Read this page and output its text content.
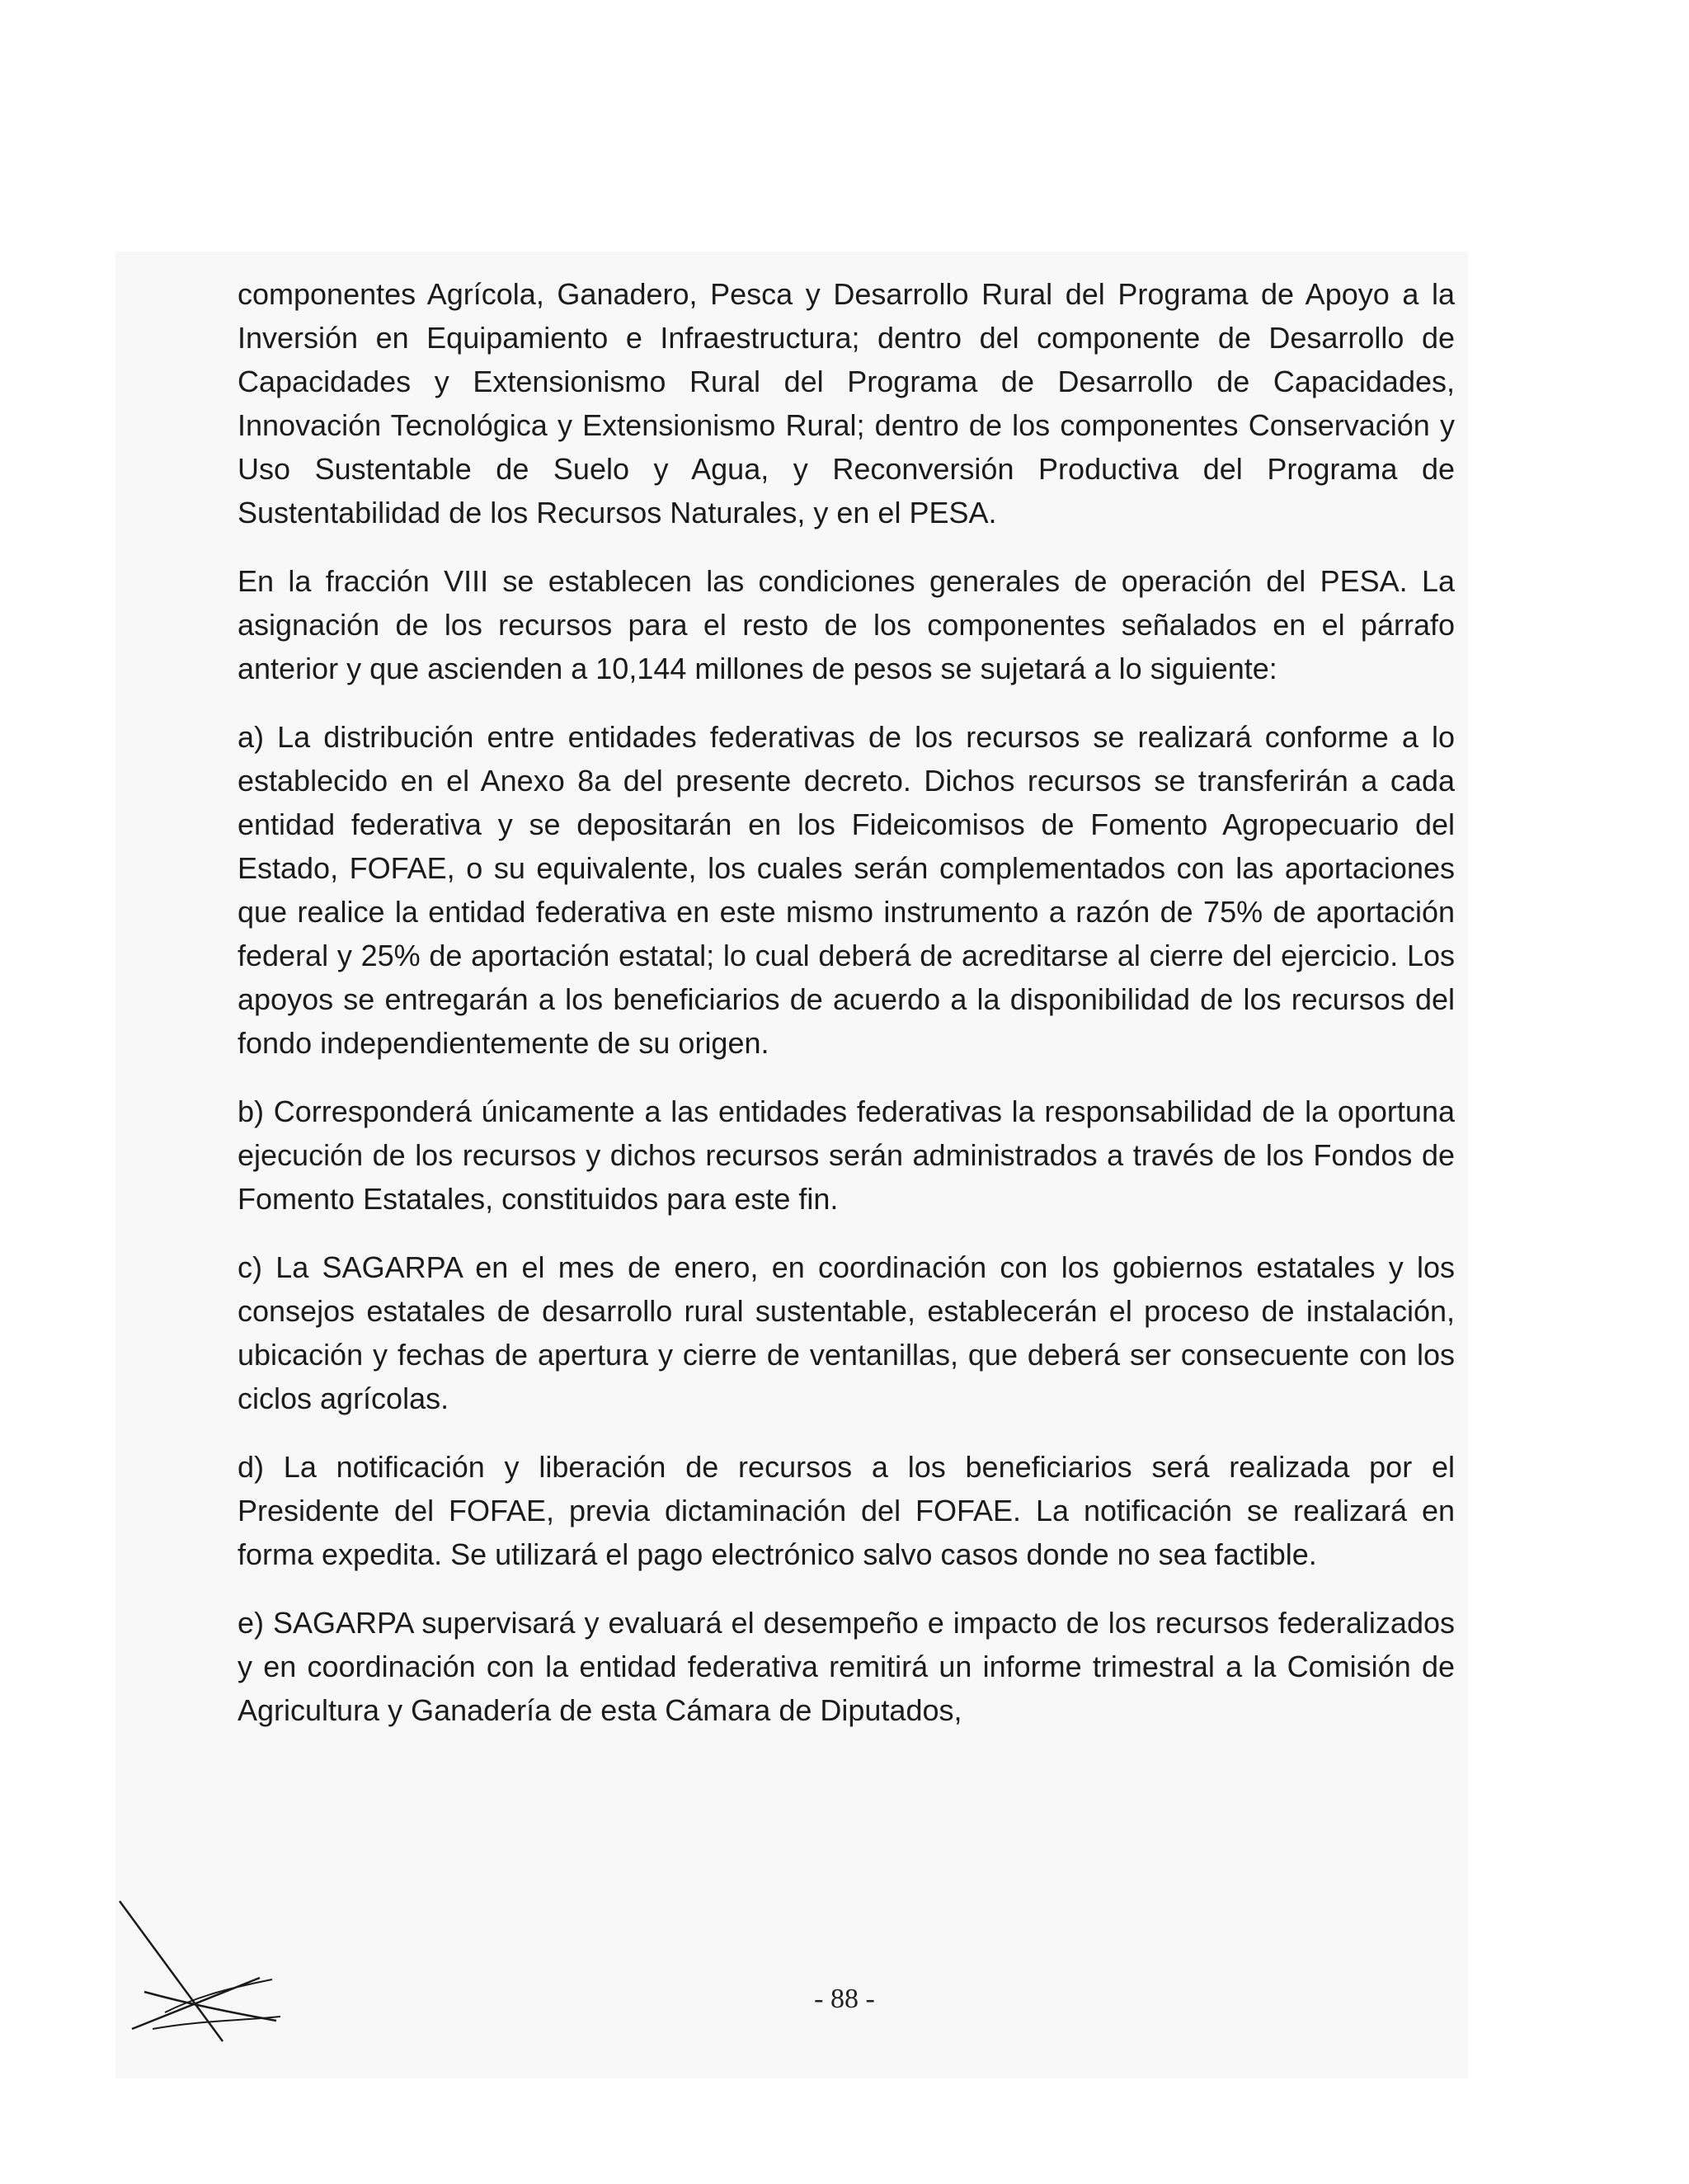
componentes Agrícola, Ganadero, Pesca y Desarrollo Rural del Programa de Apoyo a la Inversión en Equipamiento e Infraestructura; dentro del componente de Desarrollo de Capacidades y Extensionismo Rural del Programa de Desarrollo de Capacidades, Innovación Tecnológica y Extensionismo Rural; dentro de los componentes Conservación y Uso Sustentable de Suelo y Agua, y Reconversión Productiva del Programa de Sustentabilidad de los Recursos Naturales, y en el PESA.

En la fracción VIII se establecen las condiciones generales de operación del PESA. La asignación de los recursos para el resto de los componentes señalados en el párrafo anterior y que ascienden a 10,144 millones de pesos se sujetará a lo siguiente:

a) La distribución entre entidades federativas de los recursos se realizará conforme a lo establecido en el Anexo 8a del presente decreto. Dichos recursos se transferirán a cada entidad federativa y se depositarán en los Fideicomisos de Fomento Agropecuario del Estado, FOFAE, o su equivalente, los cuales serán complementados con las aportaciones que realice la entidad federativa en este mismo instrumento a razón de 75% de aportación federal y 25% de aportación estatal; lo cual deberá de acreditarse al cierre del ejercicio. Los apoyos se entregarán a los beneficiarios de acuerdo a la disponibilidad de los recursos del fondo independientemente de su origen.

b) Corresponderá únicamente a las entidades federativas la responsabilidad de la oportuna ejecución de los recursos y dichos recursos serán administrados a través de los Fondos de Fomento Estatales, constituidos para este fin.

c) La SAGARPA en el mes de enero, en coordinación con los gobiernos estatales y los consejos estatales de desarrollo rural sustentable, establecerán el proceso de instalación, ubicación y fechas de apertura y cierre de ventanillas, que deberá ser consecuente con los ciclos agrícolas.

d) La notificación y liberación de recursos a los beneficiarios será realizada por el Presidente del FOFAE, previa dictaminación del FOFAE. La notificación se realizará en forma expedita. Se utilizará el pago electrónico salvo casos donde no sea factible.

e) SAGARPA supervisará y evaluará el desempeño e impacto de los recursos federalizados y en coordinación con la entidad federativa remitirá un informe trimestral a la Comisión de Agricultura y Ganadería de esta Cámara de Diputados,

- 88 -
